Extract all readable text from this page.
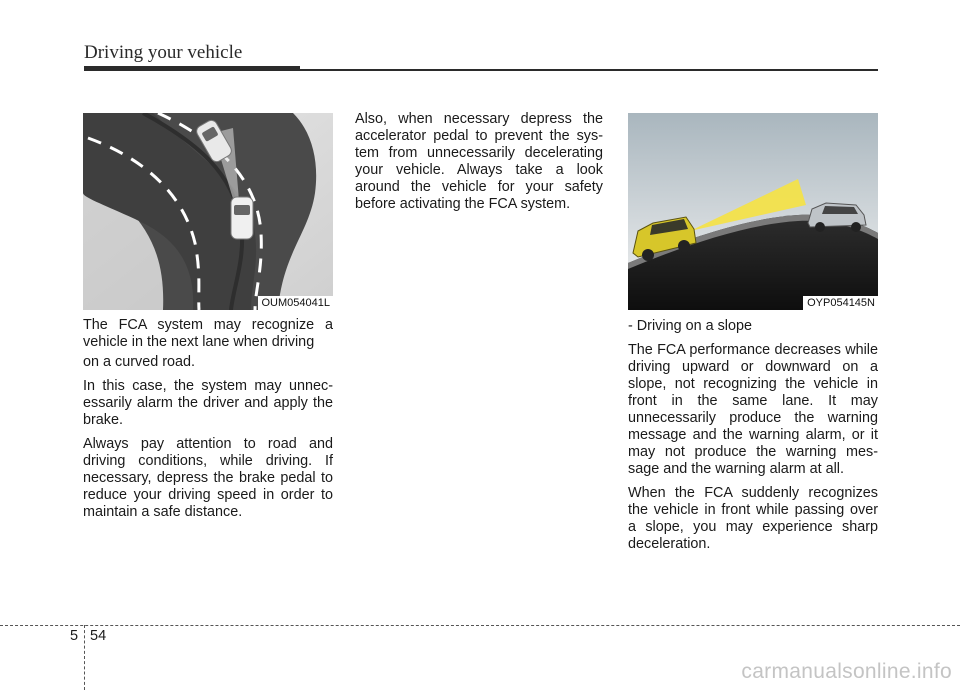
Driving your vehicle
OUM054041L	OYP054145N

The FCA system may recognize a vehicle in the next lane when driving

on a curved road.

In this case, the system may unnec- essarily alarm the driver and apply the brake.

Always pay attention to road and driving conditions, while driving. If necessary, depress the brake pedal to reduce your driving speed in order to maintain a safe distance.

Also, when necessary depress the accelerator pedal to prevent the sys- tem from unnecessarily decelerating your vehicle. Always take a look around the vehicle for your safety before activating the FCA system.

- Driving on a slope

The FCA performance decreases while driving upward or downward on a slope, not recognizing the vehicle in front in the same lane. It may unnecessarily produce the warning message and the warning alarm, or it may not produce the warning mes- sage and the warning alarm at all.

When the FCA suddenly recognizes the vehicle in front while passing over a slope, you may experience sharp deceleration.

5 54
carmanualsonline.info
